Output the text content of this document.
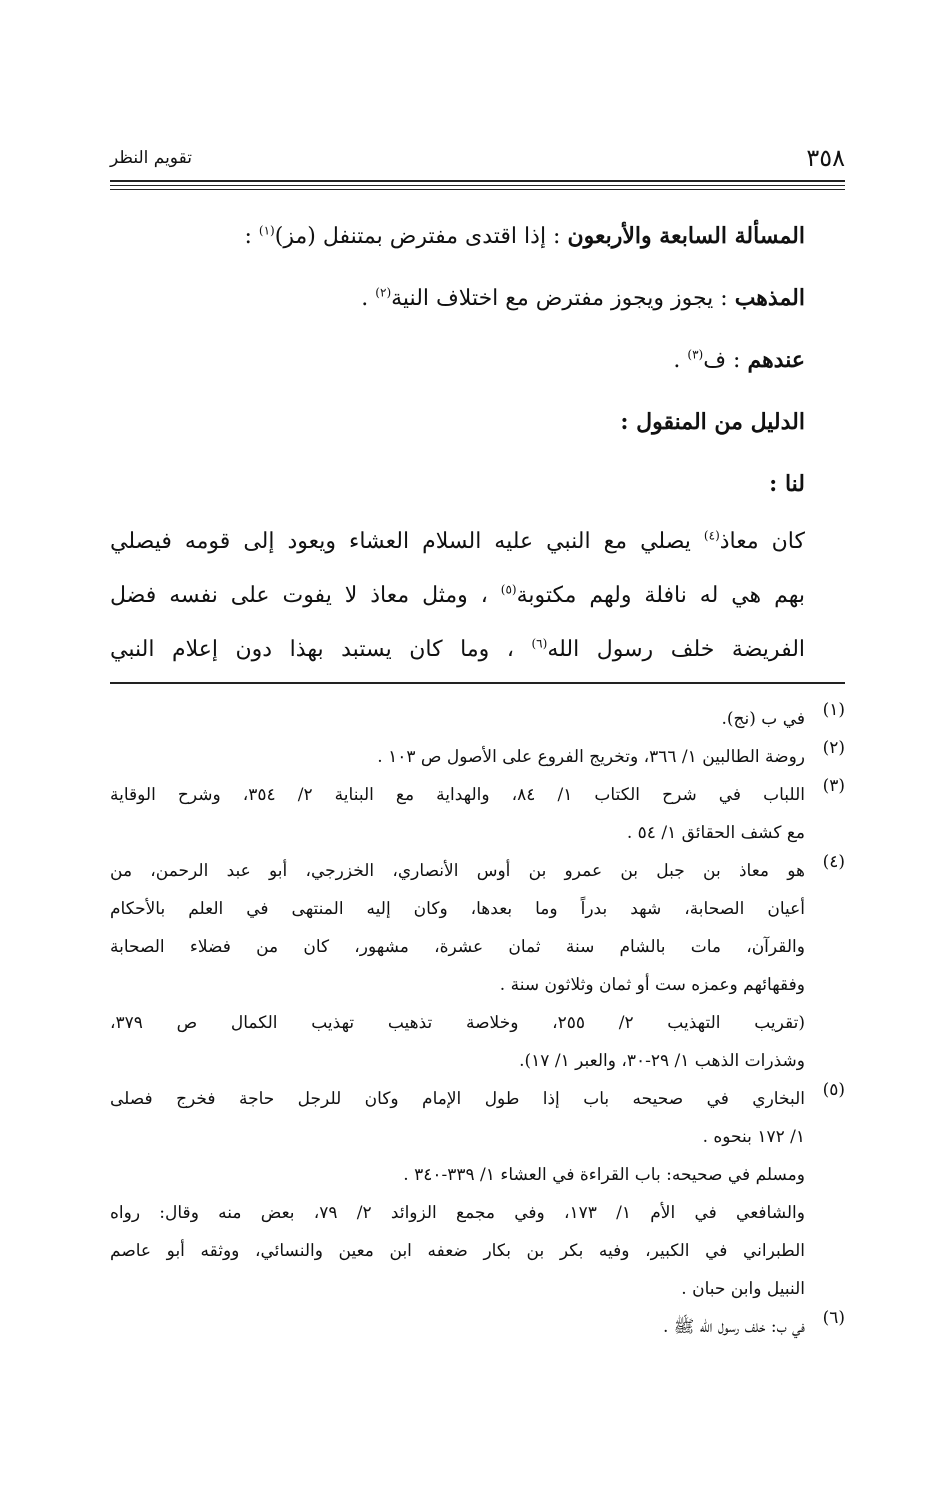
٣٥٨
تقويم النظر
المسألة السابعة والأربعون : إذا اقتدى مفترض بمتنفل (مز)$^{(١)}$ :
المذهب : يجوز ويجوز مفترض مع اختلاف النية$^{(٢)}$ .
عندهم : ف$^{(٣)}$ .
الدليل من المنقول :
لنا :
كان معاذ$^{(٤)}$ يصلي مع النبي عليه السلام العشاء ويعود إلى قومه فيصلي
بهم هي له نافلة ولهم مكتوبة$^{(٥)}$ ، ومثل معاذ لا يفوت على نفسه فضل
الفريضة خلف رسول الله$^{(٦)}$ ، وما كان يستبد بهذا دون إعلام النبي
(١)
في ب (نج).
(٢)
روضة الطالبين ١/ ٣٦٦، وتخريج الفروع على الأصول ص ١٠٣ .
(٣)
اللباب في شرح الكتاب ١/ ٨٤، والهداية مع البناية ٢/ ٣٥٤، وشرح الوقاية
مع كشف الحقائق ١/ ٥٤ .
(٤)
هو معاذ بن جبل بن عمرو بن أوس الأنصاري، الخزرجي، أبو عبد الرحمن، من
أعيان الصحابة، شهد بدراً وما بعدها، وكان إليه المنتهى في العلم بالأحكام
والقرآن، مات بالشام سنة ثمان عشرة، مشهور، كان من فضلاء الصحابة
وفقهائهم وعمزه ست أو ثمان وثلاثون سنة .
(تقريب التهذيب ٢/ ٢٥٥، وخلاصة تذهيب تهذيب الكمال ص ٣٧٩،
وشذرات الذهب ١/ ٢٩-٣٠، والعبر ١/ ١٧).
(٥)
البخاري في صحيحه باب إذا طول الإمام وكان للرجل حاجة فخرج فصلى
١/ ١٧٢ بنحوه .
ومسلم في صحيحه: باب القراءة في العشاء ١/ ٣٣٩-٣٤٠ .
والشافعي في الأم ١/ ١٧٣، وفي مجمع الزوائد ٢/ ٧٩، بعض منه وقال: رواه
الطبراني في الكبير، وفيه بكر بن بكار ضعفه ابن معين والنسائي، ووثقه أبو عاصم
النبيل وابن حبان .
(٦)
في ب: خلف رسول الله ﷺ .
